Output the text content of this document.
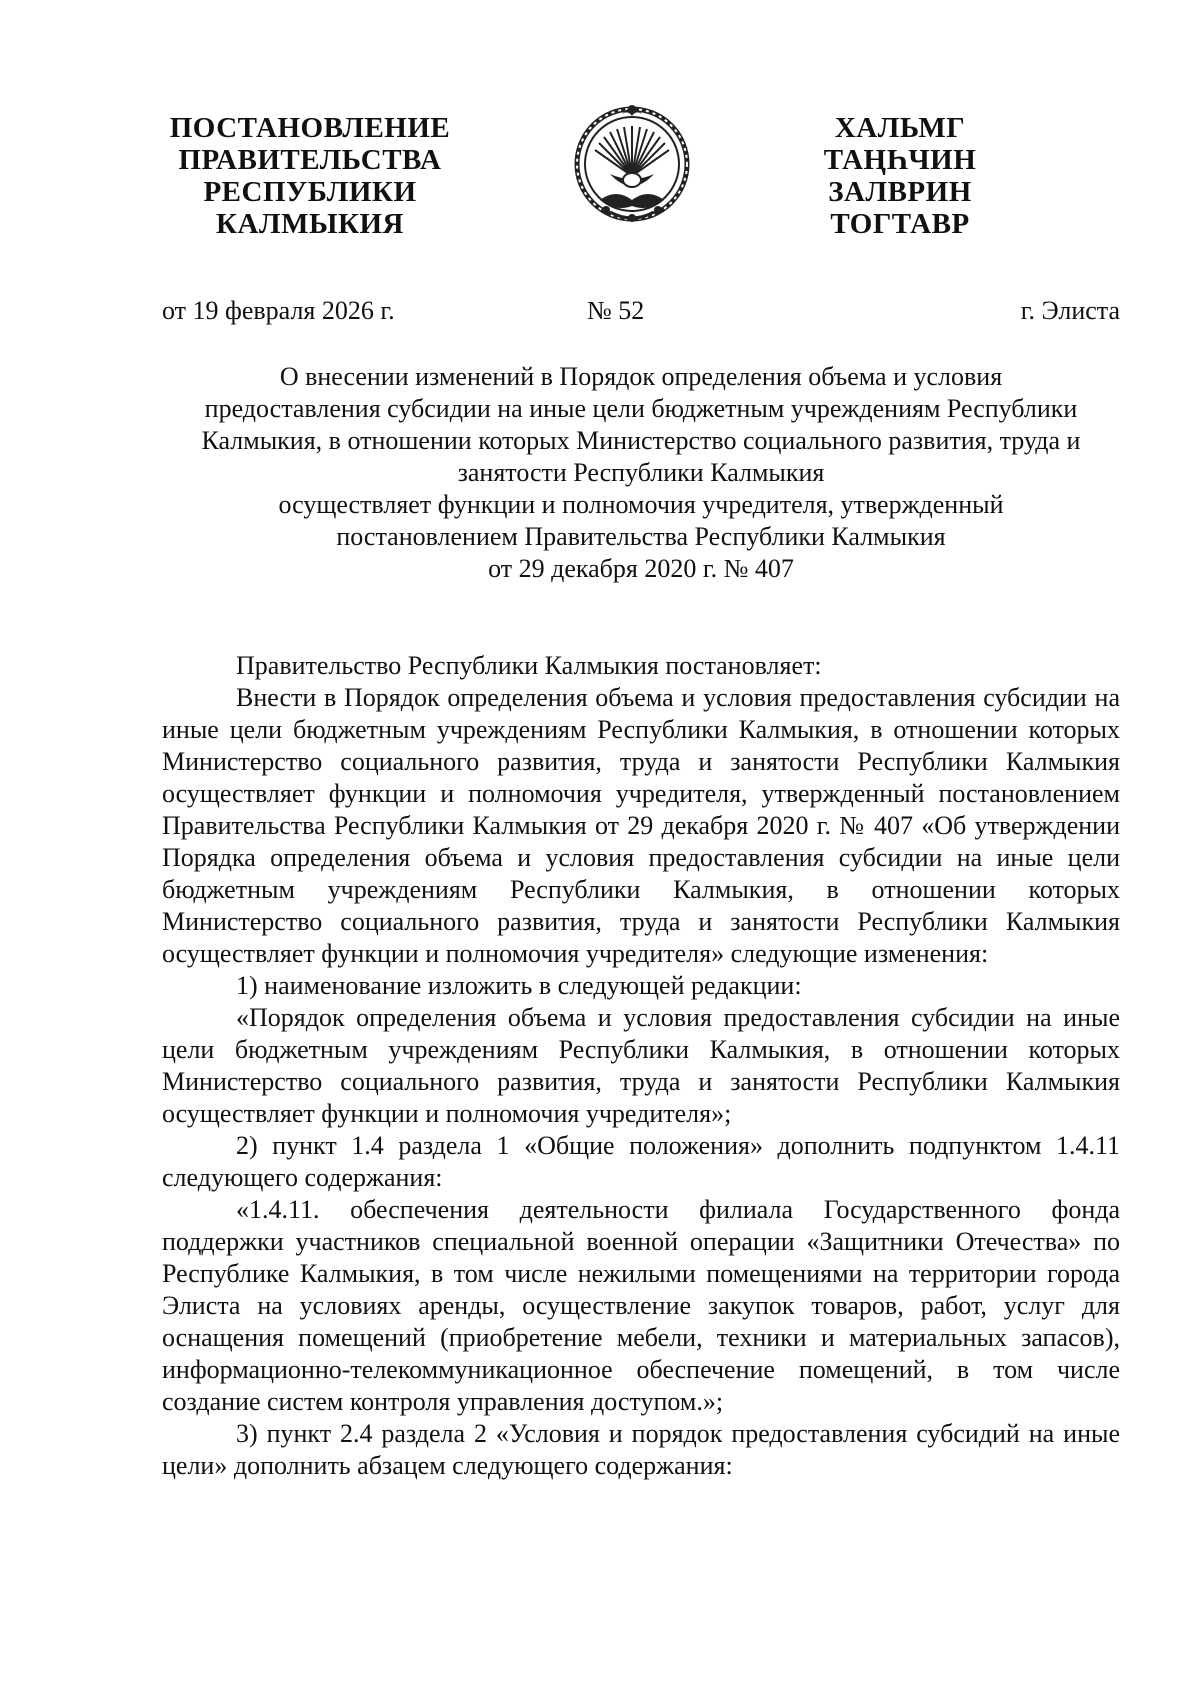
ПОСТАНОВЛЕНИЕ
ПРАВИТЕЛЬСТВА
РЕСПУБЛИКИ
КАЛМЫКИЯ
ХАЛЬМГ
ТАҢҺЧИН
ЗАЛВРИН
ТОГТАВР
от 19 февраля 2026 г.	№ 52	г. Элиста
О внесении изменений в Порядок определения объема и условия
предоставления субсидии на иные цели бюджетным учреждениям Республики
Калмыкия, в отношении которых Министерство социального развития, труда и
занятости Республики Калмыкия
осуществляет функции и полномочия учредителя, утвержденный
постановлением Правительства Республики Калмыкия
от 29 декабря 2020 г. № 407

Правительство Республики Калмыкия постановляет:

Внести в Порядок определения объема и условия предоставления субсидии на иные цели бюджетным учреждениям Республики Калмыкия, в отношении которых Министерство социального развития, труда и занятости Республики Калмыкия осуществляет функции и полномочия учредителя, утвержденный постановлением Правительства Республики Калмыкия от 29 декабря 2020 г. № 407 «Об утверждении Порядка определения объема и условия предоставления субсидии на иные цели бюджетным учреждениям Республики Калмыкия, в отношении которых Министерство социального развития, труда и занятости Республики Калмыкия осуществляет функции и полномочия учредителя» следующие изменения:

1) наименование изложить в следующей редакции:

«Порядок определения объема и условия предоставления субсидии на иные цели бюджетным учреждениям Республики Калмыкия, в отношении которых Министерство социального развития, труда и занятости Республики Калмыкия осуществляет функции и полномочия учредителя»;

2) пункт 1.4 раздела 1 «Общие положения» дополнить подпунктом 1.4.11 следующего содержания:

«1.4.11. обеспечения деятельности филиала Государственного фонда поддержки участников специальной военной операции «Защитники Отечества» по Республике Калмыкия, в том числе нежилыми помещениями на территории города Элиста на условиях аренды, осуществление закупок товаров, работ, услуг для оснащения помещений (приобретение мебели, техники и материальных запасов), информационно-телекоммуникационное обеспечение помещений, в том числе создание систем контроля управления доступом.»;

3) пункт 2.4 раздела 2 «Условия и порядок предоставления субсидий на иные цели» дополнить абзацем следующего содержания:
